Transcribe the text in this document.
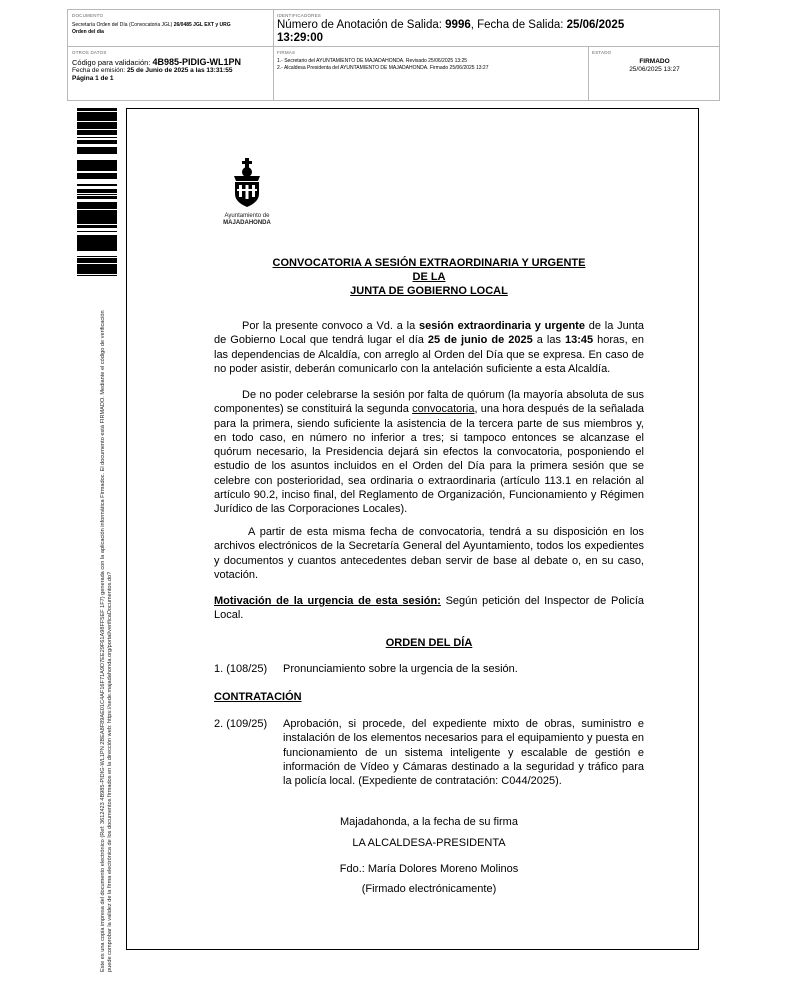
DOCUMENTO
Secretaría Orden del Día (Convocatoria JGL) 26/0485 JGL EXT y URG
Orden del día
IDENTIFICADORES
Número de Anotación de Salida: 9996, Fecha de Salida: 25/06/2025
13:29:00
OTROS DATOS
Código para validación: 4B985-PIDIG-WL1PN
Fecha de emisión: 25 de Junio de 2025 a las 13:31:55
Página 1 de 1
FIRMAS
1.- Secretario del AYUNTAMIENTO DE MAJADAHONDA. Revisado 25/06/2025 13:25
2.- Alcaldesa Presidenta del AYUNTAMIENTO DE MAJADAHONDA. Firmado 25/06/2025 13:27
ESTADO
FIRMADO
25/06/2025 13:27
Este es una copia impresa del documento electrónico (Ref: 3612423 4B985-PIDIG-WL1PN 2BEA8F89AE01C4AF16F71A9D7EE29F61A98FF5EF 1F7) generada con la aplicación informática Firmadoc. El documento está FIRMADO. Mediante el código de verificación puede comprobar la validez de la firma electrónica de los documentos firmados en la dirección web: https://sede.majadahonda.org/portal/verificaDocumentos.do?
Ayuntamiento de
MAJADAHONDA
CONVOCATORIA A SESIÓN EXTRAORDINARIA Y URGENTE
DE LA
JUNTA DE GOBIERNO LOCAL

Por la presente convoco a Vd. a la sesión extraordinaria y urgente de la Junta de Gobierno Local que tendrá lugar el día 25 de junio de 2025 a las 13:45 horas, en las dependencias de Alcaldía, con arreglo al Orden del Día que se expresa. En caso de no poder asistir, deberán comunicarlo con la antelación suficiente a esta Alcaldía.

De no poder celebrarse la sesión por falta de quórum (la mayoría absoluta de sus componentes) se constituirá la segunda convocatoria, una hora después de la señalada para la primera, siendo suficiente la asistencia de la tercera parte de sus miembros y, en todo caso, en número no inferior a tres; si tampoco entonces se alcanzase el quórum necesario, la Presidencia dejará sin efectos la convocatoria, posponiendo el estudio de los asuntos incluidos en el Orden del Día para la primera sesión que se celebre con posterioridad, sea ordinaria o extraordinaria (artículo 113.1 en relación al artículo 90.2, inciso final, del Reglamento de Organización, Funcionamiento y Régimen Jurídico de las Corporaciones Locales).

A partir de esta misma fecha de convocatoria, tendrá a su disposición en los archivos electrónicos de la Secretaría General del Ayuntamiento, todos los expedientes y documentos y cuantos antecedentes deban servir de base al debate o, en su caso, votación.

Motivación de la urgencia de esta sesión: Según petición del Inspector de Policía Local.

ORDEN DEL DÍA
1. (108/25) Pronunciamiento sobre la urgencia de la sesión.
CONTRATACIÓN
2. (109/25) Aprobación, si procede, del expediente mixto de obras, suministro e instalación de los elementos necesarios para el equipamiento y puesta en funcionamiento de un sistema inteligente y escalable de gestión e información de Vídeo y Cámaras destinado a la seguridad y tráfico para la policía local. (Expediente de contratación: C044/2025).
Majadahonda, a la fecha de su firma
LA ALCALDESA-PRESIDENTA
Fdo.: María Dolores Moreno Molinos
(Firmado electrónicamente)
